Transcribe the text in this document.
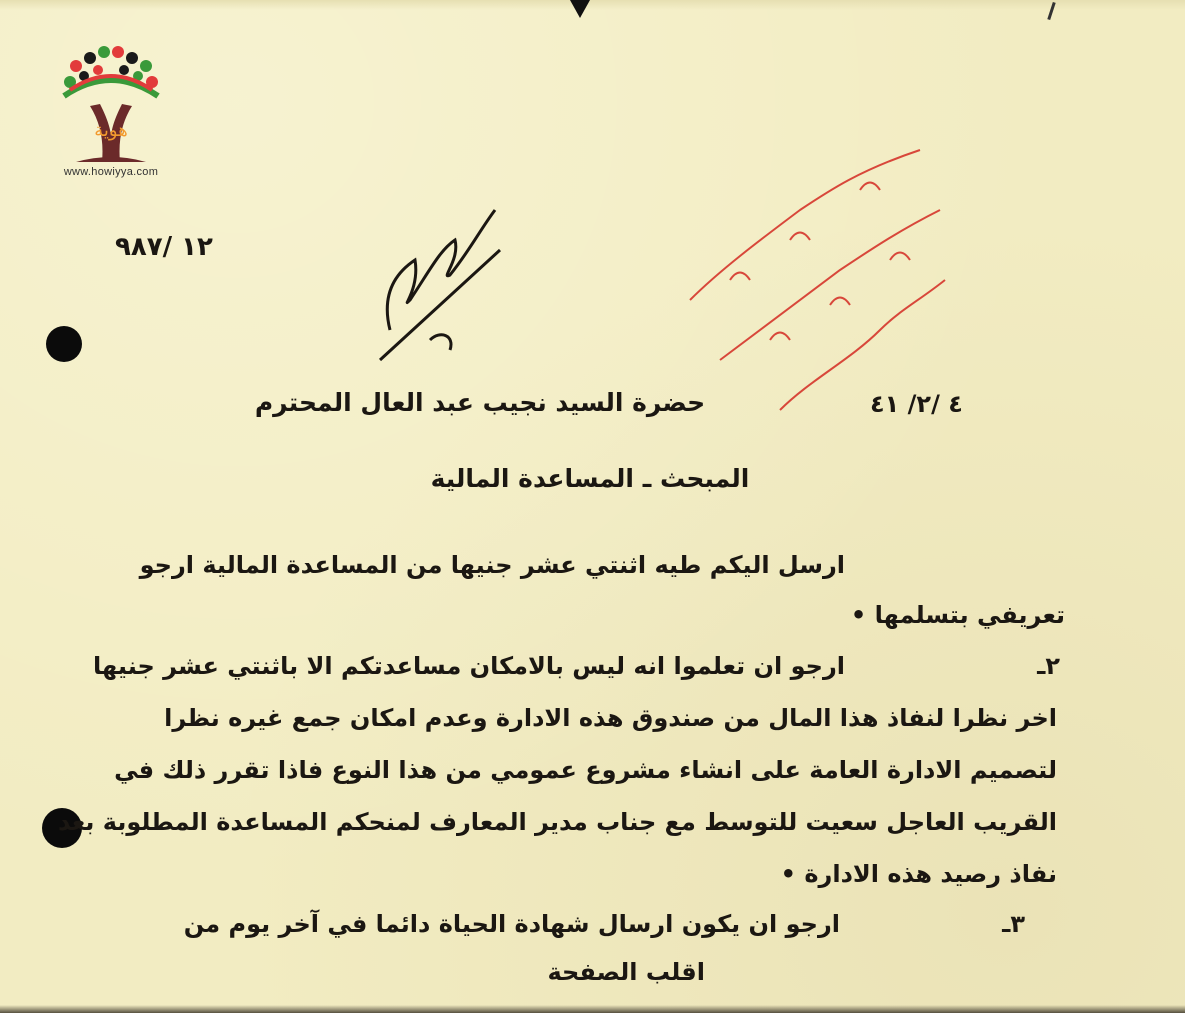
هوية
www.howiyya.com
١٢ /٩٨٧
٤ /٢/ ٤١
حضرة السيد نجيب عبد العال المحترم
المبحث ـ المساعدة المالية
ارسل اليكم طيه اثنتي عشر جنيها من المساعدة المالية ارجو
تعريفي بتسلمها •
٢ـ
ارجو ان تعلموا انه ليس بالامكان مساعدتكم الا باثنتي عشر جنيها
اخر نظرا لنفاذ هذا المال من صندوق هذه الادارة وعدم امكان جمع غيره نظرا
لتصميم الادارة العامة على انشاء مشروع عمومي من هذا النوع فاذا تقرر ذلك في
القريب العاجل سعيت للتوسط مع جناب مدير المعارف لمنحكم المساعدة المطلوبة بعد
نفاذ رصيد هذه الادارة •
٣ـ
ارجو ان يكون ارسال شهادة الحياة دائما في آخر يوم من
اقلب الصفحة
